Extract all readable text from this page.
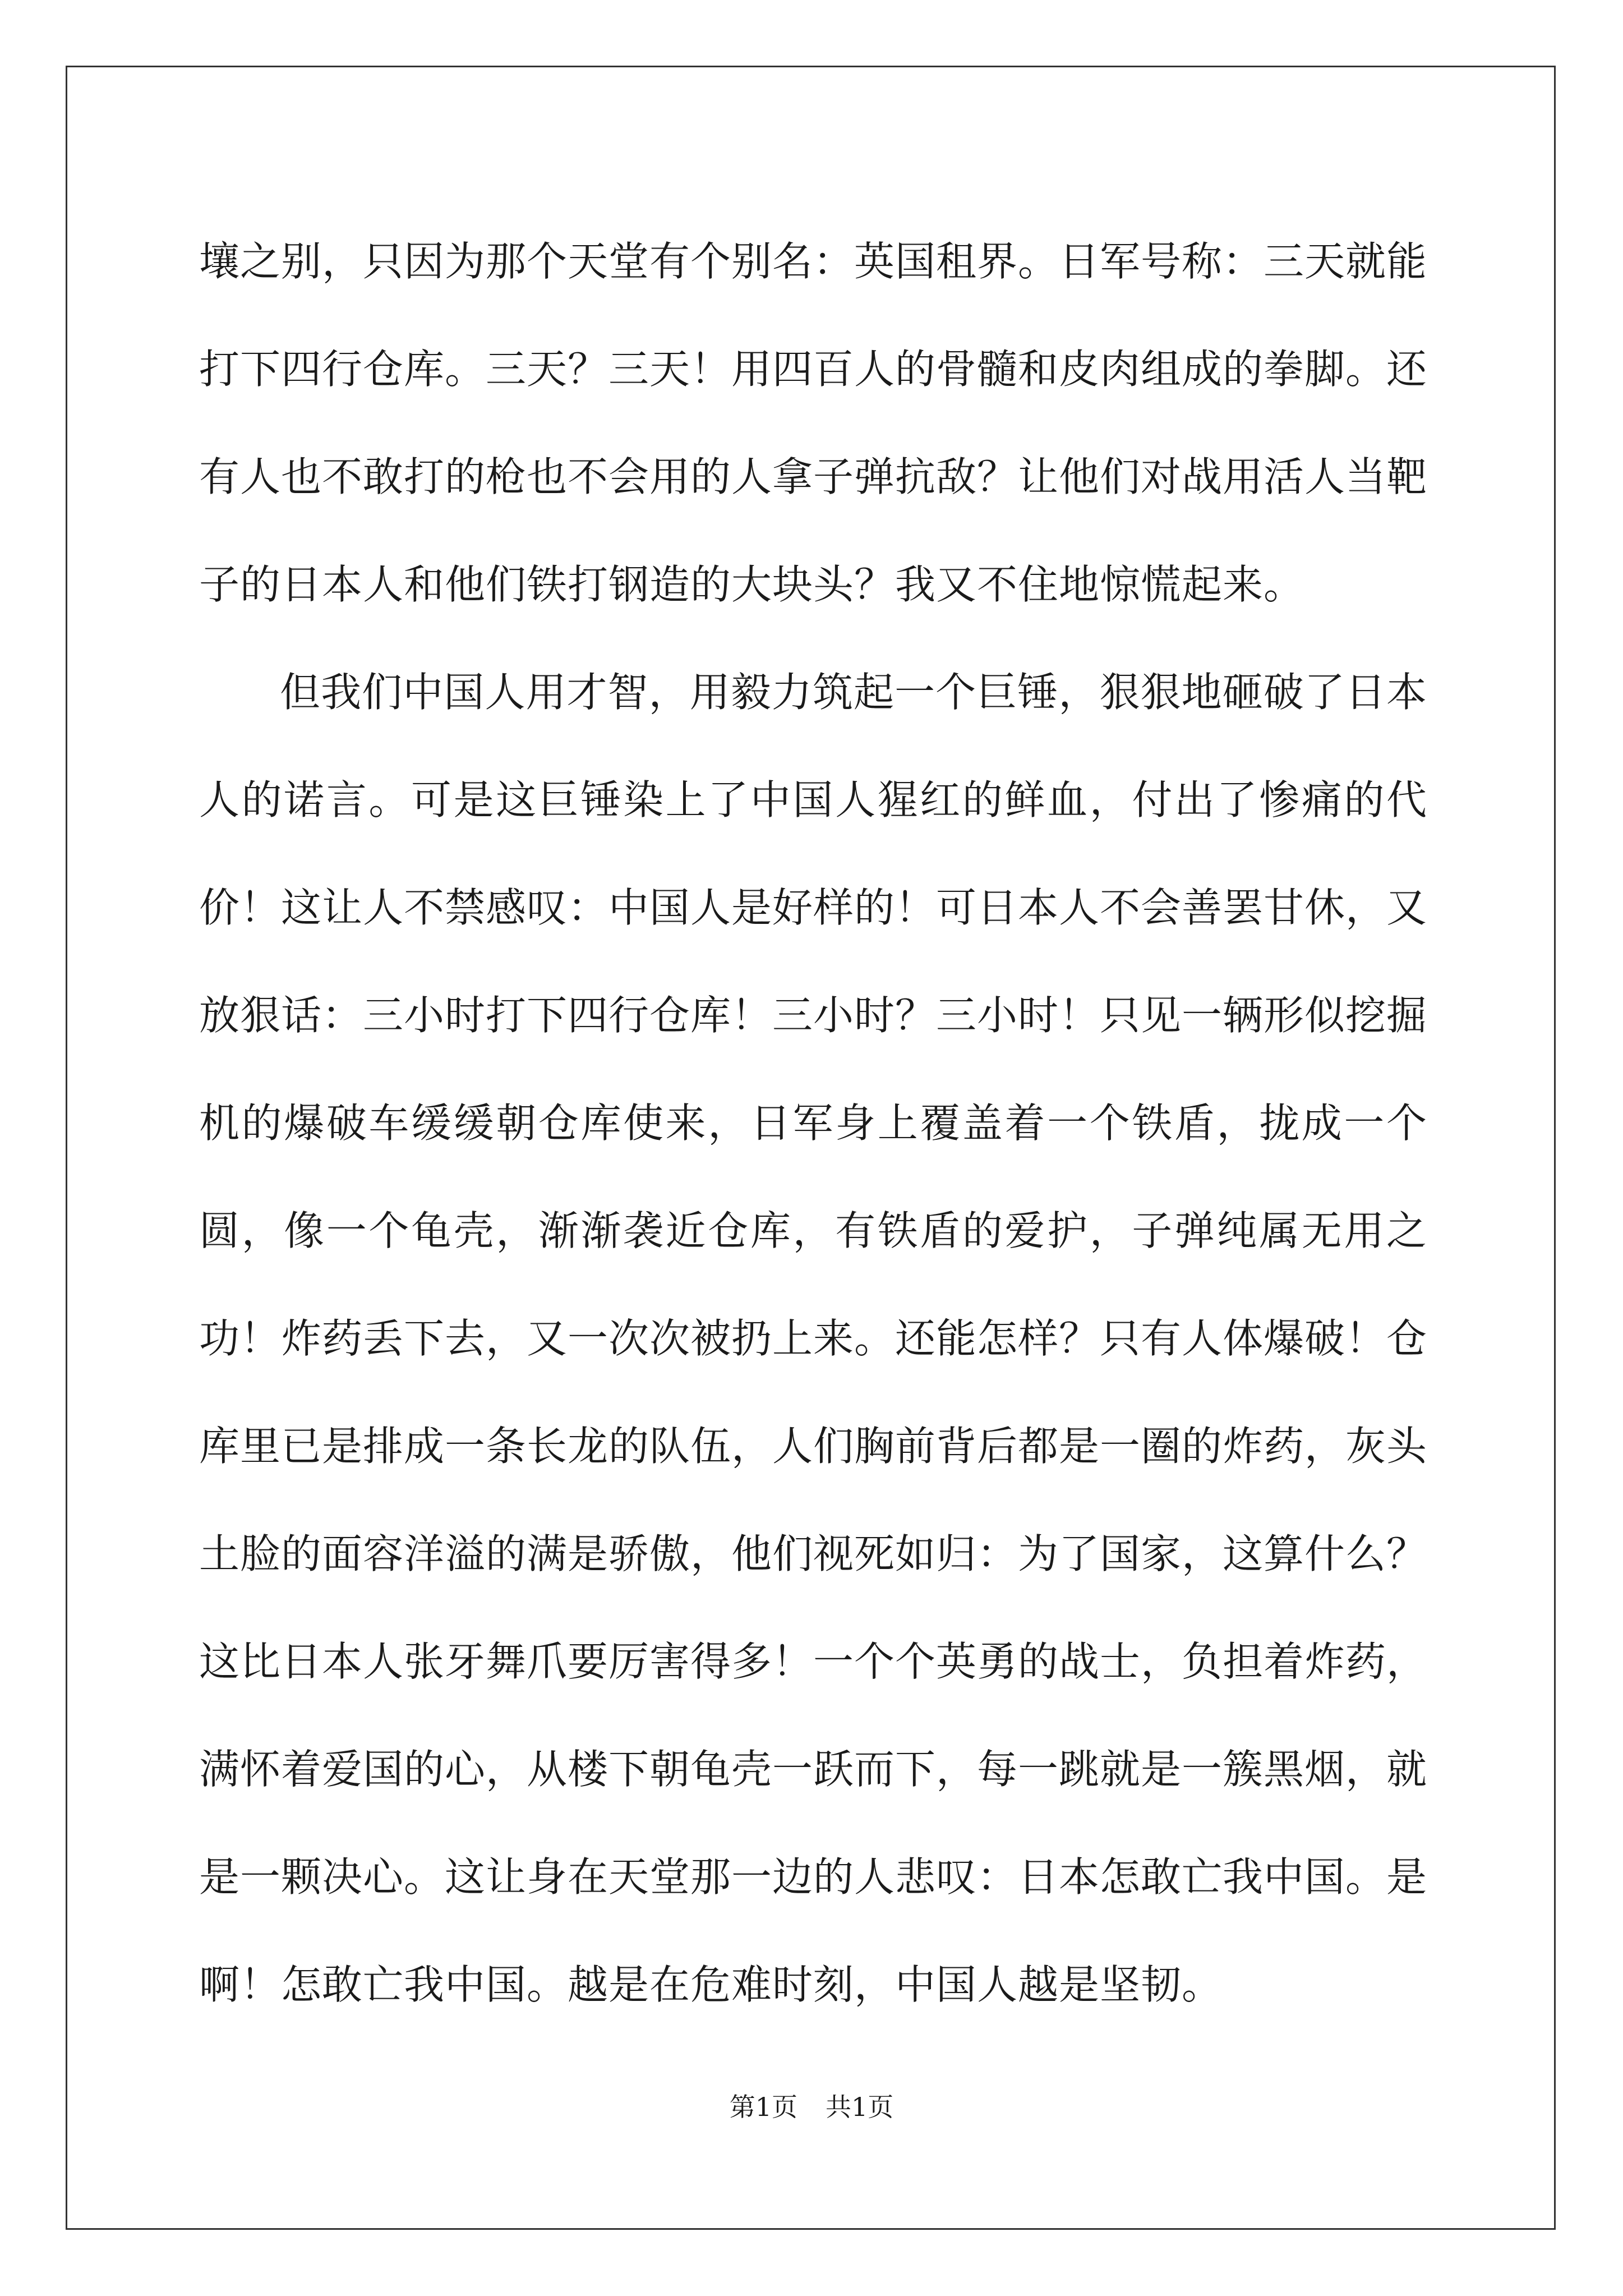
壤之别，只因为那个天堂有个别名：英国租界。日军号称：三天就能打下四行仓库。三天？三天！用四百人的骨髓和皮肉组成的拳脚。还有人也不敢打的枪也不会用的人拿子弹抗敌？让他们对战用活人当靶子的日本人和他们铁打钢造的大块头？我又不住地惊慌起来。

但我们中国人用才智，用毅力筑起一个巨锤，狠狠地砸破了日本人的诺言。可是这巨锤染上了中国人猩红的鲜血，付出了惨痛的代价！这让人不禁感叹：中国人是好样的！可日本人不会善罢甘休，又放狠话：三小时打下四行仓库！三小时？三小时！只见一辆形似挖掘机的爆破车缓缓朝仓库使来，日军身上覆盖着一个铁盾，拢成一个圆，像一个龟壳，渐渐袭近仓库，有铁盾的爱护，子弹纯属无用之功！炸药丢下去，又一次次被扔上来。还能怎样？只有人体爆破！仓库里已是排成一条长龙的队伍，人们胸前背后都是一圈的炸药，灰头土脸的面容洋溢的满是骄傲，他们视死如归：为了国家，这算什么？这比日本人张牙舞爪要厉害得多！一个个英勇的战士，负担着炸药，满怀着爱国的心，从楼下朝龟壳一跃而下，每一跳就是一簇黑烟，就是一颗决心。这让身在天堂那一边的人悲叹：日本怎敢亡我中国。是啊！怎敢亡我中国。越是在危难时刻，中国人越是坚韧。

第1页 共1页
